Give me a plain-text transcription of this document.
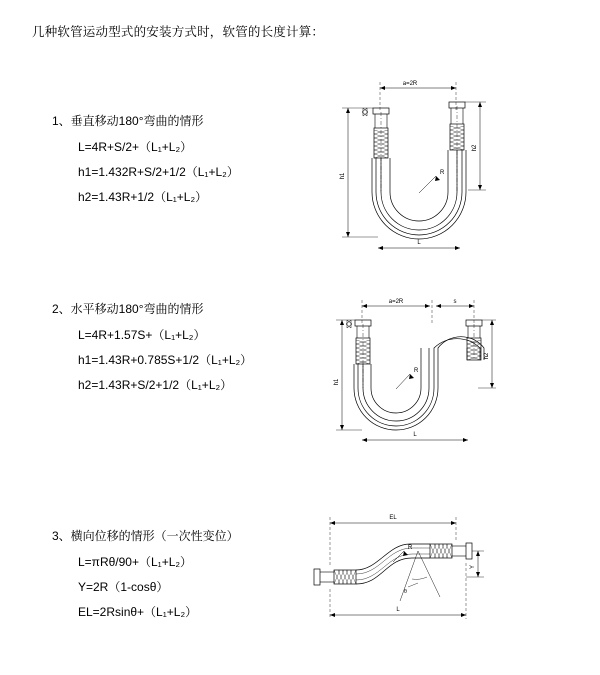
几种软管运动型式的安装方式时，软管的长度计算：
1、垂直移动180°弯曲的情形
L=4R+S/2+（L₁+L₂）
h1=1.432R+S/2+1/2（L₁+L₂）
h2=1.43R+1/2（L₁+L₂）
a=2R
h1
h2
R
L
2、水平移动180°弯曲的情形
L=4R+1.57S+（L₁+L₂）
h1=1.43R+0.785S+1/2（L₁+L₂）
h2=1.43R+S/2+1/2（L₁+L₂）
a=2R	s
h1
h2
R
L
3、横向位移的情形（一次性变位）
L=πRθ/90+（L₁+L₂）
Y=2R（1-cosθ）
EL=2Rsinθ+（L₁+L₂）
EL
Y
L
R
θ
